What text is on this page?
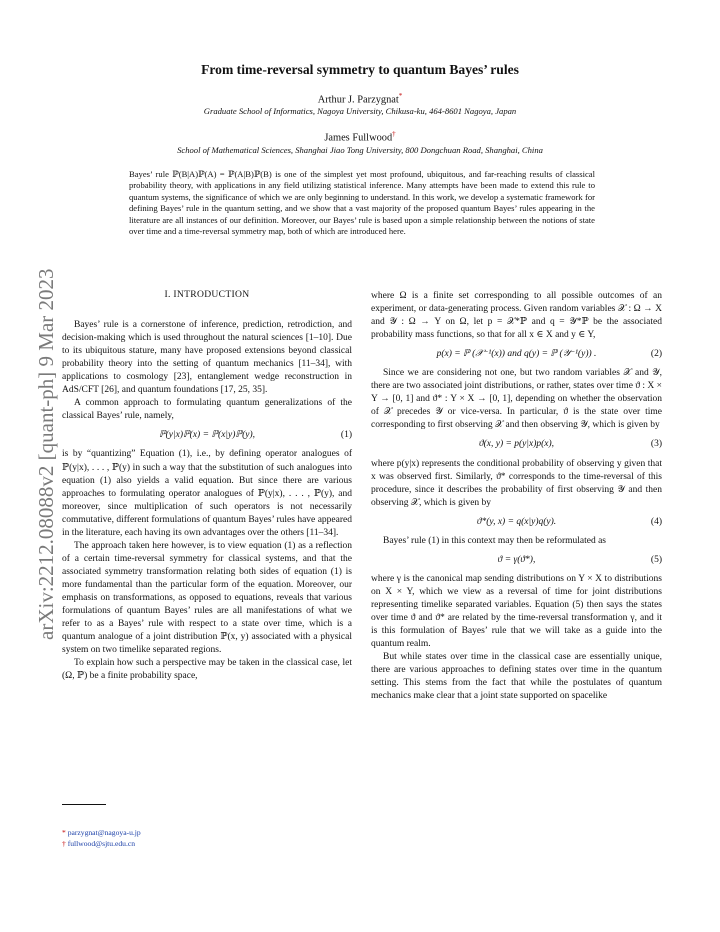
From time-reversal symmetry to quantum Bayes’ rules
Arthur J. Parzygnat*
Graduate School of Informatics, Nagoya University, Chikusa-ku, 464-8601 Nagoya, Japan
James Fullwood†
School of Mathematical Sciences, Shanghai Jiao Tong University, 800 Dongchuan Road, Shanghai, China
Bayes’ rule ℙ(B|A)ℙ(A) = ℙ(A|B)ℙ(B) is one of the simplest yet most profound, ubiquitous, and far-reaching results of classical probability theory, with applications in any field utilizing statistical inference. Many attempts have been made to extend this rule to quantum systems, the significance of which we are only beginning to understand. In this work, we develop a systematic framework for defining Bayes’ rule in the quantum setting, and we show that a vast majority of the proposed quantum Bayes’ rules appearing in the literature are all instances of our definition. Moreover, our Bayes’ rule is based upon a simple relationship between the notions of state over time and a time-reversal symmetry map, both of which are introduced here.
arXiv:2212.08088v2 [quant-ph] 9 Mar 2023	I. INTRODUCTION

Bayes’ rule is a cornerstone of inference, prediction, retrodiction, and decision-making which is used throughout the natural sciences [1–10]. Due to its ubiquitous stature, many have proposed extensions beyond classical probability theory into the setting of quantum mechanics [11–34], with applications to cosmology [23], entanglement wedge reconstruction in AdS/CFT [26], and quantum foundations [17, 25, 35].

A common approach to formulating quantum generalizations of the classical Bayes’ rule, namely,

ℙ(y|x)ℙ(x) = ℙ(x|y)ℙ(y),	(1)

is by “quantizing” Equation (1), i.e., by defining operator analogues of ℙ(y|x), . . . , ℙ(y) in such a way that the substitution of such analogues into equation (1) also yields a valid equation. But since there are various approaches to formulating operator analogues of ℙ(y|x), . . . , ℙ(y), and moreover, since multiplication of such operators is not necessarily commutative, different formulations of quantum Bayes’ rules have appeared in the literature, each having its own advantages over the others [11–34].

The approach taken here however, is to view equation (1) as a reflection of a certain time-reversal symmetry for classical systems, and that the associated symmetry transformation relating both sides of equation (1) is more fundamental than the particular form of the equation. Moreover, our emphasis on transformations, as opposed to equations, reveals that various formulations of quantum Bayes’ rules are all manifestations of what we refer to as a Bayes’ rule with respect to a state over time, which is a quantum analogue of a joint distribution ℙ(x, y) associated with a physical system on two timelike separated regions.

To explain how such a perspective may be taken in the classical case, let (Ω, ℙ) be a finite probability space,

where Ω is a finite set corresponding to all possible outcomes of an experiment, or data-generating process. Given random variables 𝒳 : Ω → X and 𝒴 : Ω → Y on Ω, let p = 𝒳*ℙ and q = 𝒴*ℙ be the associated probability mass functions, so that for all x ∈ X and y ∈ Y,

p(x) = ℙ (𝒳⁻¹(x)) and q(y) = ℙ (𝒴⁻¹(y)) .	(2)

Since we are considering not one, but two random variables 𝒳 and 𝒴, there are two associated joint distributions, or rather, states over time ϑ : X × Y → [0, 1] and ϑ* : Y × X → [0, 1], depending on whether the observation of 𝒳 precedes 𝒴 or vice-versa. In particular, ϑ is the state over time corresponding to first observing 𝒳 and then observing 𝒴, which is given by

ϑ(x, y) = p(y|x)p(x),	(3)

where p(y|x) represents the conditional probability of observing y given that x was observed first. Similarly, ϑ* corresponds to the time-reversal of this procedure, since it describes the probability of first observing 𝒴 and then observing 𝒳, which is given by

ϑ*(y, x) = q(x|y)q(y).	(4)

Bayes’ rule (1) in this context may then be reformulated as

ϑ = γ(ϑ*),	(5)

where γ is the canonical map sending distributions on Y × X to distributions on X × Y, which we view as a reversal of time for joint distributions representing timelike separated variables. Equation (5) then says the states over time ϑ and ϑ* are related by the time-reversal transformation γ, and it is this formulation of Bayes’ rule that we will take as a guide into the quantum realm.

But while states over time in the classical case are essentially unique, there are various approaches to defining states over time in the quantum setting. This stems from the fact that while the postulates of quantum mechanics make clear that a joint state supported on spacelike

* parzygnat@nagoya-u.jp
† fullwood@sjtu.edu.cn
